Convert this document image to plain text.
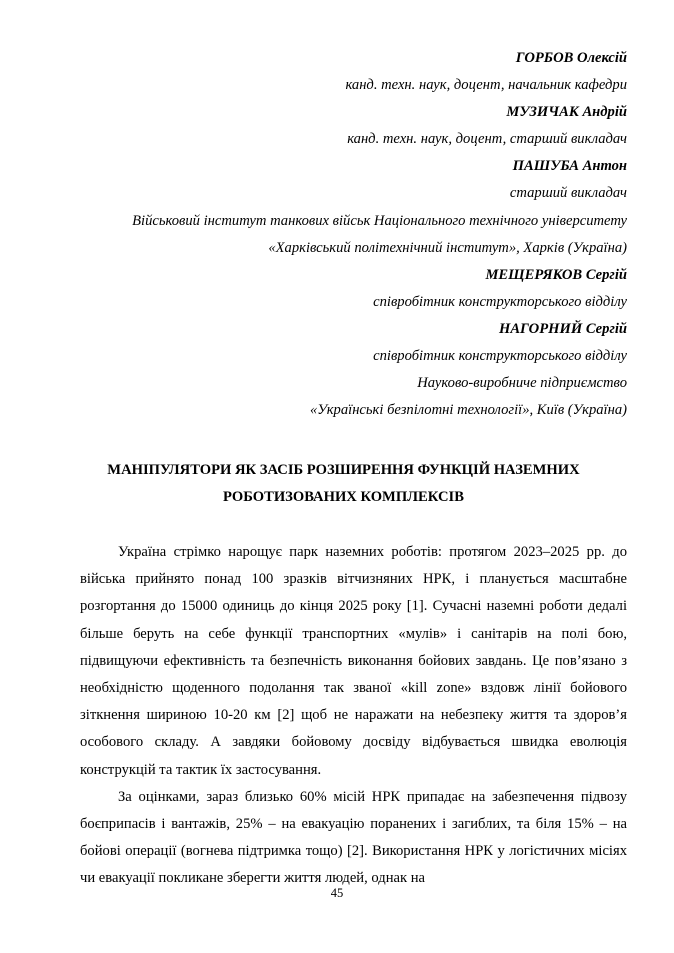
ГОРБОВ Олексій
канд. техн. наук, доцент, начальник кафедри
МУЗИЧАК Андрій
канд. техн. наук, доцент, старший викладач
ПАШУБА Антон
старший викладач
Військовий інститут танкових військ Національного технічного університету
«Харківський політехнічний інститут», Харків (Україна)
МЕЩЕРЯКОВ Сергій
співробітник конструкторського відділу
НАГОРНИЙ Сергій
співробітник конструкторського відділу
Науково-виробниче підприємство
«Українські безпілотні технології», Київ (Україна)
МАНІПУЛЯТОРИ ЯК ЗАСІБ РОЗШИРЕННЯ ФУНКЦІЙ НАЗЕМНИХ
РОБОТИЗОВАНИХ КОМПЛЕКСІВ

Україна стрімко нарощує парк наземних роботів: протягом 2023‒2025 рр. до війська прийнято понад 100 зразків вітчизняних НРК, і планується масштабне розгортання до 15000 одиниць до кінця 2025 року [1]. Сучасні наземні роботи дедалі більше беруть на себе функції транспортних «мулів» і санітарів на полі бою, підвищуючи ефективність та безпечність виконання бойових завдань. Це пов’язано з необхідністю щоденного подолання так званої «kill zone» вздовж лінії бойового зіткнення шириною 10-20 км [2] щоб не наражати на небезпеку життя та здоров’я особового складу. А завдяки бойовому досвіду відбувається швидка еволюція конструкцій та тактик їх застосування.

За оцінками, зараз близько 60% місій НРК припадає на забезпечення підвозу боєприпасів і вантажів, 25% – на евакуацію поранених і загиблих, та біля 15% – на бойові операції (вогнева підтримка тощо) [2]. Використання НРК у логістичних місіях чи евакуації покликане зберегти життя людей, однак на

45
